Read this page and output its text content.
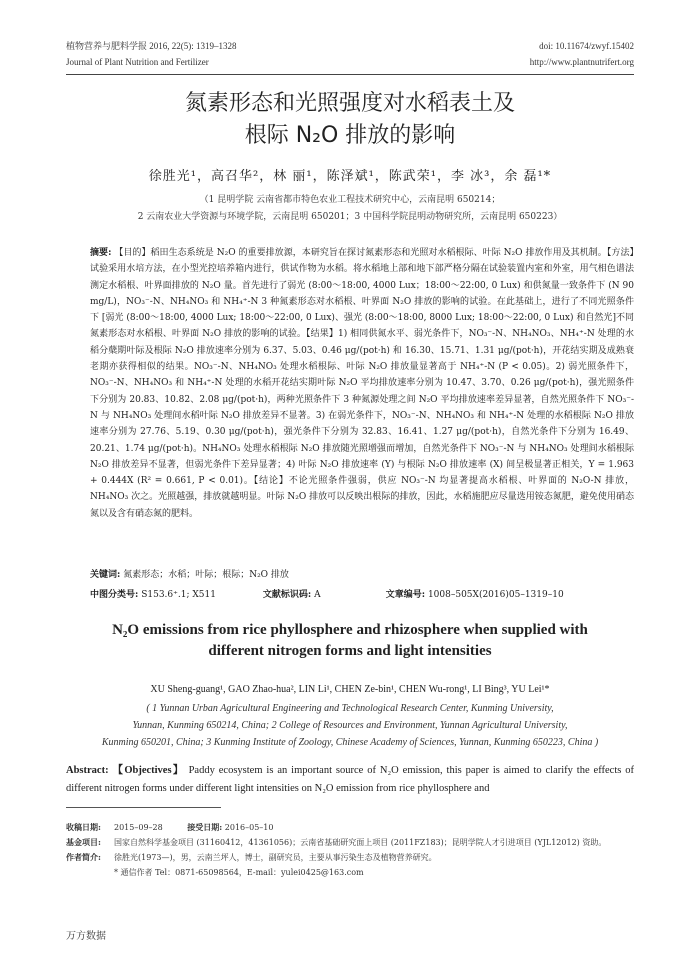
植物营养与肥料学报 2016, 22(5): 1319–1328
Journal of Plant Nutrition and Fertilizer
doi: 10.11674/zwyf.15402
http://www.plantnutrifert.org
氮素形态和光照强度对水稻表土及
根际 N₂O 排放的影响
徐胜光¹，高召华²，林 丽¹，陈泽斌¹，陈武荣¹，李 冰³，余 磊¹*
（1 昆明学院 云南省都市特色农业工程技术研究中心，云南昆明 650214；
2 云南农业大学资源与环境学院，云南昆明 650201；3 中国科学院昆明动物研究所，云南昆明 650223）
摘要: 【目的】稻田生态系统是 N₂O 的重要排放源，本研究旨在探讨氮素形态和光照对水稻根际、叶际 N₂O 排放作用及其机制。【方法】试验采用水培方法，在小型光控培养箱内进行，供试作物为水稻。将水稻地上部和地下部严格分隔在试验装置内室和外室，用气相色谱法测定水稻根、叶界面排放的 N₂O 量。首先进行了弱光 (8:00～18:00, 4000 Lux；18:00～22:00, 0 Lux) 和供氮量一致条件下 (N 90 mg/L)，NO₃⁻-N、NH₄NO₃ 和 NH₄⁺-N 3 种氮素形态对水稻根、叶界面 N₂O 排放的影响的试验。在此基础上，进行了不同光照条件下 [弱光 (8:00～18:00, 4000 Lux; 18:00～22:00, 0 Lux)、强光 (8:00～18:00, 8000 Lux; 18:00～22:00, 0 Lux) 和自然光]不同氮素形态对水稻根、叶界面 N₂O 排放的影响的试验。【结果】1) 相同供氮水平、弱光条件下，NO₃⁻-N、NH₄NO₃、NH₄⁺-N 处理的水稻分蘖期叶际及根际 N₂O 排放速率分别为 6.37、5.03、0.46 μg/(pot·h) 和 16.30、15.71、1.31 μg/(pot·h)，开花结实期及成熟衰老期亦获得相似的结果。NO₃⁻-N、NH₄NO₃ 处理水稻根际、叶际 N₂O 排放量显著高于 NH₄⁺-N (P < 0.05)。2) 弱光照条件下，NO₃⁻-N、NH₄NO₃ 和 NH₄⁺-N 处理的水稻开花结实期叶际 N₂O 平均排放速率分别为 10.47、3.70、0.26 μg/(pot·h)，强光照条件下分别为 20.83、10.82、2.08 μg/(pot·h)，两种光照条件下 3 种氮源处理之间 N₂O 平均排放速率差异显著，自然光照条件下 NO₃⁻-N 与 NH₄NO₃ 处理间水稻叶际 N₂O 排放差异不显著。3) 在弱光条件下，NO₃⁻-N、NH₄NO₃ 和 NH₄⁺-N 处理的水稻根际 N₂O 排放速率分别为 27.76、5.19、0.30 μg/(pot·h)，强光条件下分别为 32.83、16.41、1.27 μg/(pot·h)，自然光条件下分别为 16.49、20.21、1.74 μg/(pot·h)。NH₄NO₃ 处理水稻根际 N₂O 排放随光照增强而增加，自然光条件下 NO₃⁻-N 与 NH₄NO₃ 处理间水稻根际 N₂O 排放差异不显著，但弱光条件下差异显著；4) 叶际 N₂O 排放速率 (Y) 与根际 N₂O 排放速率 (X) 间呈极显著正相关，Y = 1.963 + 0.444X (R² = 0.661, P < 0.01)。【结论】不论光照条件强弱，供应 NO₃⁻-N 均显著提高水稻根、叶界面的 N₂O-N 排放，NH₄NO₃ 次之。光照越强，排放就越明显。叶际 N₂O 排放可以反映出根际的排放，因此，水稻施肥应尽量选用铵态氮肥，避免使用硝态氮以及含有硝态氮的肥料。
关键词: 氮素形态；水稻；叶际；根际；N₂O 排放
中图分类号: S153.6⁺.1; X511	文献标识码: A	文章编号: 1008–505X(2016)05–1319–10
N₂O emissions from rice phyllosphere and rhizosphere when supplied with
different nitrogen forms and light intensities
XU Sheng-guang¹, GAO Zhao-hua², LIN Li¹, CHEN Ze-bin¹, CHEN Wu-rong¹, LI Bing³, YU Lei¹*
( 1 Yunnan Urban Agricultural Engineering and Technological Research Center, Kunming University,
Yunnan, Kunming 650214, China; 2 College of Resources and Environment, Yunnan Agricultural University,
Kunming 650201, China; 3 Kunming Institute of Zoology, Chinese Academy of Sciences, Yunnan, Kunming 650223, China )
Abstract: 【Objectives】 Paddy ecosystem is an important source of N₂O emission, this paper is aimed to clarify the effects of different nitrogen forms under different light intensities on N₂O emission from rice phyllosphere and
收稿日期:	2015–09–28	接受日期: 2016–05–10
基金项目:	国家自然科学基金项目 (31160412，41361056)；云南省基础研究面上项目 (2011FZ183)；昆明学院人才引进项目 (YJL12012) 资助。
作者简介:	徐胜光(1973—)，男，云南兰坪人，博士，副研究员，主要从事污染生态及植物营养研究。
* 通信作者 Tel：0871-65098564，E-mail：yulei0425@163.com
万方数据
